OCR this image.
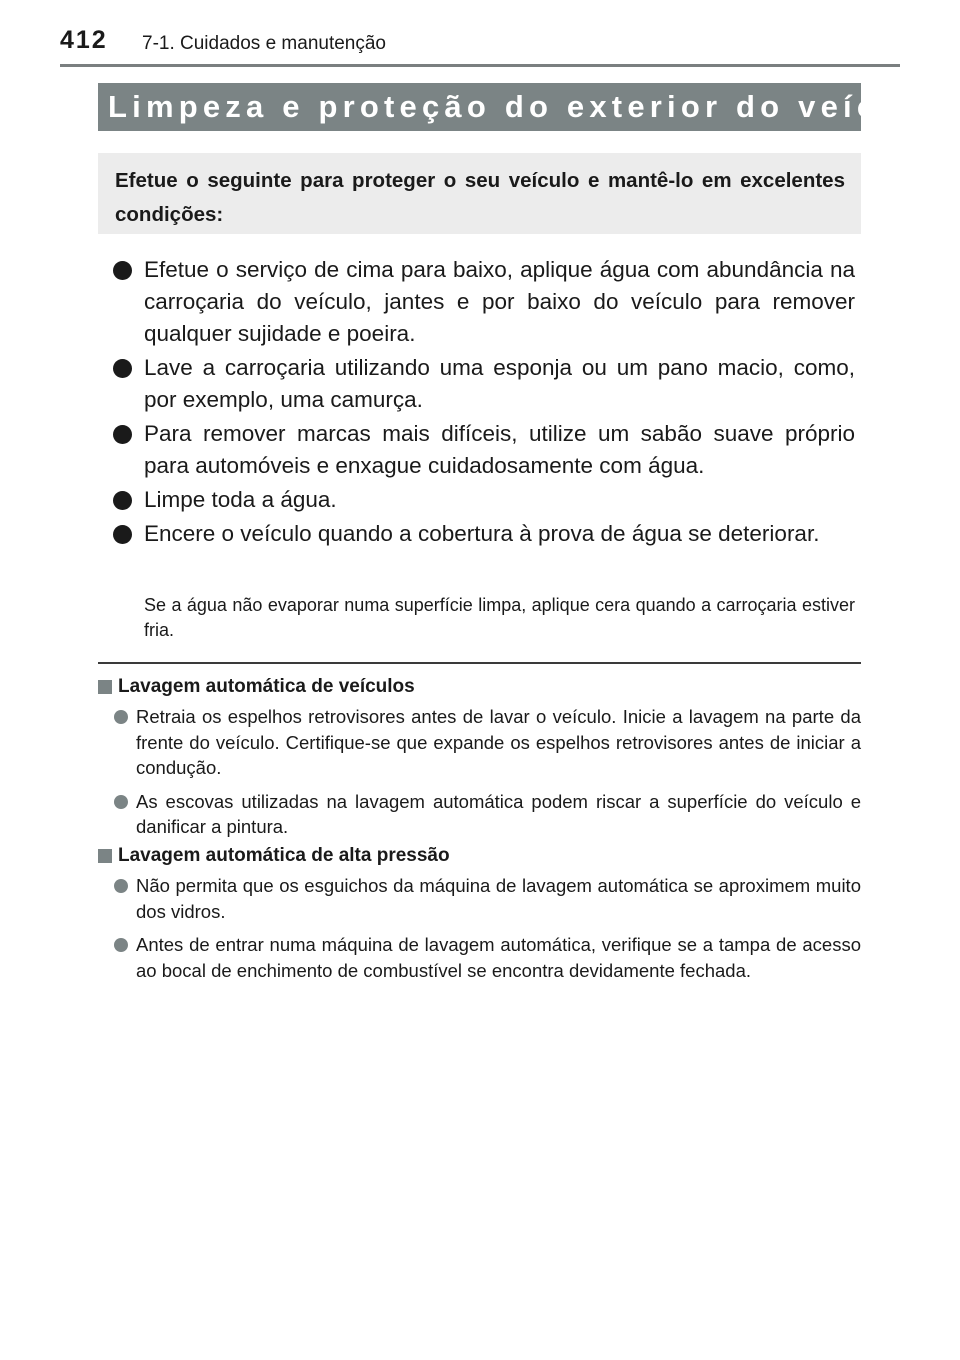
412 7-1. Cuidados e manutenção
Limpeza e proteção do exterior do veículo
Efetue o seguinte para proteger o seu veículo e mantê-lo em excelentes condições:
Efetue o serviço de cima para baixo, aplique água com abundância na carroçaria do veículo, jantes e por baixo do veículo para remover qualquer sujidade e poeira.
Lave a carroçaria utilizando uma esponja ou um pano macio, como, por exemplo, uma camurça.
Para remover marcas mais difíceis, utilize um sabão suave próprio para automóveis e enxague cuidadosamente com água.
Limpe toda a água.
Encere o veículo quando a cobertura à prova de água se deteriorar.
Se a água não evaporar numa superfície limpa, aplique cera quando a carroçaria estiver fria.
Lavagem automática de veículos
Retraia os espelhos retrovisores antes de lavar o veículo. Inicie a lavagem na parte da frente do veículo. Certifique-se que expande os espelhos retrovisores antes de iniciar a condução.
As escovas utilizadas na lavagem automática podem riscar a superfície do veículo e danificar a pintura.
Lavagem automática de alta pressão
Não permita que os esguichos da máquina de lavagem automática se aproximem muito dos vidros.
Antes de entrar numa máquina de lavagem automática, verifique se a tampa de acesso ao bocal de enchimento de combustível se encontra devidamente fechada.
